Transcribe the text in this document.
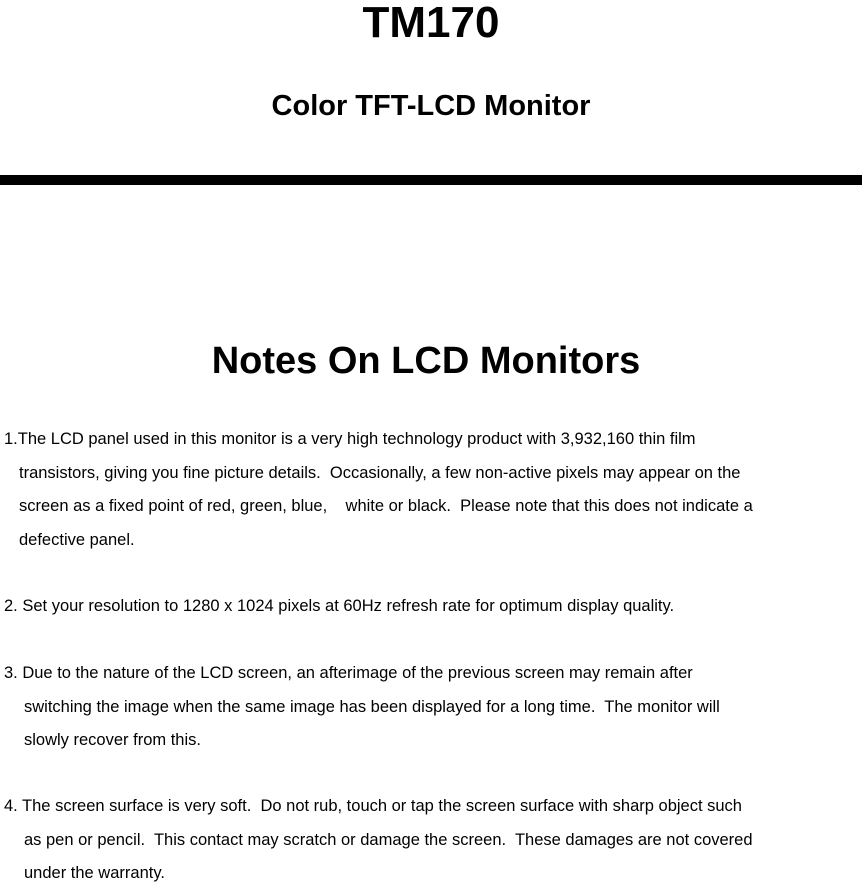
TM170
Color TFT-LCD Monitor
Notes On LCD Monitors
1.The LCD panel used in this monitor is a very high technology product with 3,932,160 thin film
transistors, giving you fine picture details.  Occasionally, a few non-active pixels may appear on the
screen as a fixed point of red, green, blue,    white or black.  Please note that this does not indicate a
defective panel.
2. Set your resolution to 1280 x 1024 pixels at 60Hz refresh rate for optimum display quality.
3. Due to the nature of the LCD screen, an afterimage of the previous screen may remain after
switching the image when the same image has been displayed for a long time.  The monitor will
slowly recover from this.
4. The screen surface is very soft.  Do not rub, touch or tap the screen surface with sharp object such
as pen or pencil.  This contact may scratch or damage the screen.  These damages are not covered
under the warranty.
